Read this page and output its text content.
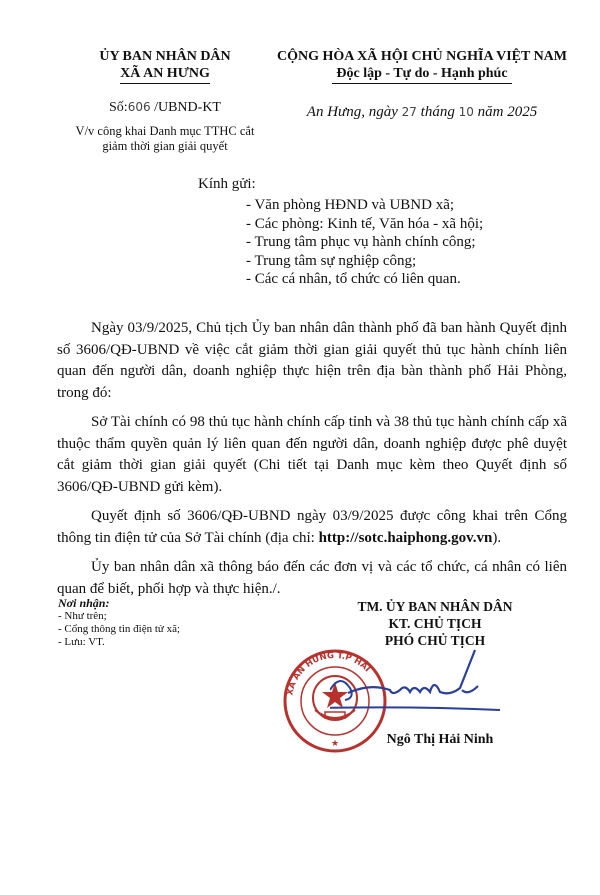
ỦY BAN NHÂN DÂN
XÃ AN HƯNG
Số:606 /UBND-KT
V/v công khai Danh mục TTHC cắt
giảm thời gian giải quyết
CỘNG HÒA XÃ HỘI CHỦ NGHĨA VIỆT NAM
Độc lập - Tự do - Hạnh phúc
An Hưng, ngày 27 tháng 10 năm 2025
Kính gửi:
- Văn phòng HĐND và UBND xã;
- Các phòng: Kinh tế, Văn hóa - xã hội;
- Trung tâm phục vụ hành chính công;
- Trung tâm sự nghiệp công;
- Các cá nhân, tổ chức có liên quan.

Ngày 03/9/2025, Chủ tịch Ủy ban nhân dân thành phố đã ban hành Quyết định số 3606/QĐ-UBND về việc cắt giảm thời gian giải quyết thủ tục hành chính liên quan đến người dân, doanh nghiệp thực hiện trên địa bàn thành phố Hải Phòng, trong đó:

Sở Tài chính có 98 thủ tục hành chính cấp tỉnh và 38 thủ tục hành chính cấp xã thuộc thẩm quyền quản lý liên quan đến người dân, doanh nghiệp được phê duyệt cắt giảm thời gian giải quyết (Chi tiết tại Danh mục kèm theo Quyết định số 3606/QĐ-UBND gửi kèm).

Quyết định số 3606/QĐ-UBND ngày 03/9/2025 được công khai trên Cổng thông tin điện tử của Sở Tài chính (địa chỉ: http://sotc.haiphong.gov.vn).

Ủy ban nhân dân xã thông báo đến các đơn vị và các tổ chức, cá nhân có liên quan để biết, phối hợp và thực hiện./.

Nơi nhận:
- Như trên;
- Cổng thông tin điện tử xã;
- Lưu: VT.
TM. ỦY BAN NHÂN DÂN
KT. CHỦ TỊCH
PHÓ CHỦ TỊCH
★
XÃ AN HƯNG T.P HẢI
Ngô Thị Hải Ninh
